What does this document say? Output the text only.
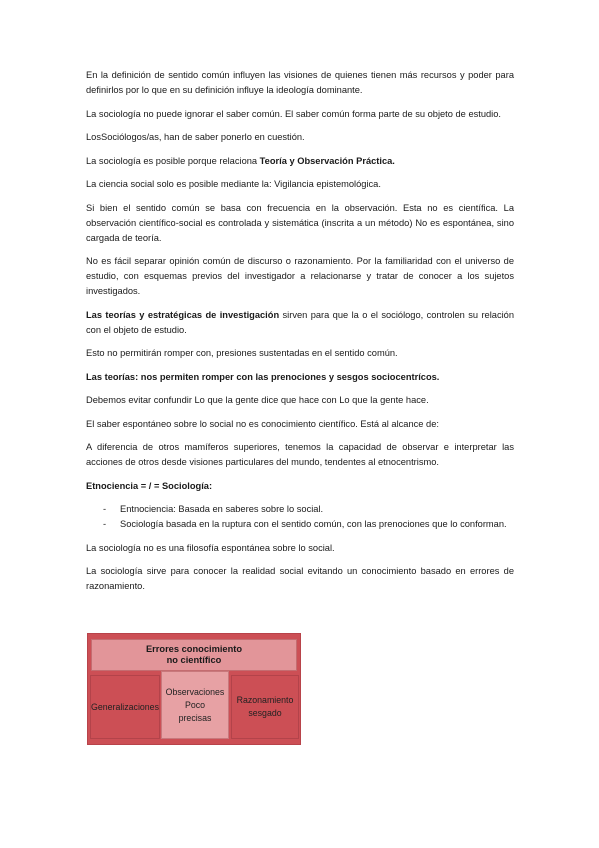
En la definición de sentido común influyen las visiones de quienes tienen más recursos y poder para definirlos por lo que en su definición influye la ideología dominante.

La sociología no puede ignorar el saber común. El saber común forma parte de su objeto de estudio.

LosSociólogos/as, han de saber ponerlo en cuestión.

La sociología es posible porque relaciona Teoría y Observación Práctica.

La ciencia social solo es posible mediante la: Vigilancia epistemológica.

Si bien el sentido común se basa con frecuencia en la observación. Esta no es científica. La observación científico-social es controlada y sistemática (inscrita a un método) No es espontánea, sino cargada de teoría.

No es fácil separar opinión común de discurso o razonamiento. Por la familiaridad con el universo de estudio, con esquemas previos del investigador a relacionarse y tratar de conocer a los sujetos investigados.

Las teorías y estratégicas de investigación sirven para que la o el sociólogo, controlen su relación con el objeto de estudio.

Esto no permitirán romper con, presiones sustentadas en el sentido común.

Las teorías: nos permiten romper con las prenociones y sesgos sociocentrícos.

Debemos evitar confundir Lo que la gente dice que hace con Lo que la gente hace.

El saber espontáneo sobre lo social no es conocimiento científico. Está al alcance de:

A diferencia de otros mamíferos superiores, tenemos la capacidad de observar e interpretar las acciones de otros desde visiones particulares del mundo, tendentes al etnocentrismo.

Etnociencia = / = Sociología:

- Entnociencia: Basada en saberes sobre lo social.
- Sociología basada en la ruptura con el sentido común, con las prenociones que lo conforman.

La sociología no es una filosofía espontánea sobre lo social.

La sociología sirve para conocer la realidad social evitando un conocimiento basado en errores de razonamiento.

Errores conocimiento
no científico
Generalizaciones
Observaciones
Poco
precisas
Razonamiento
sesgado
